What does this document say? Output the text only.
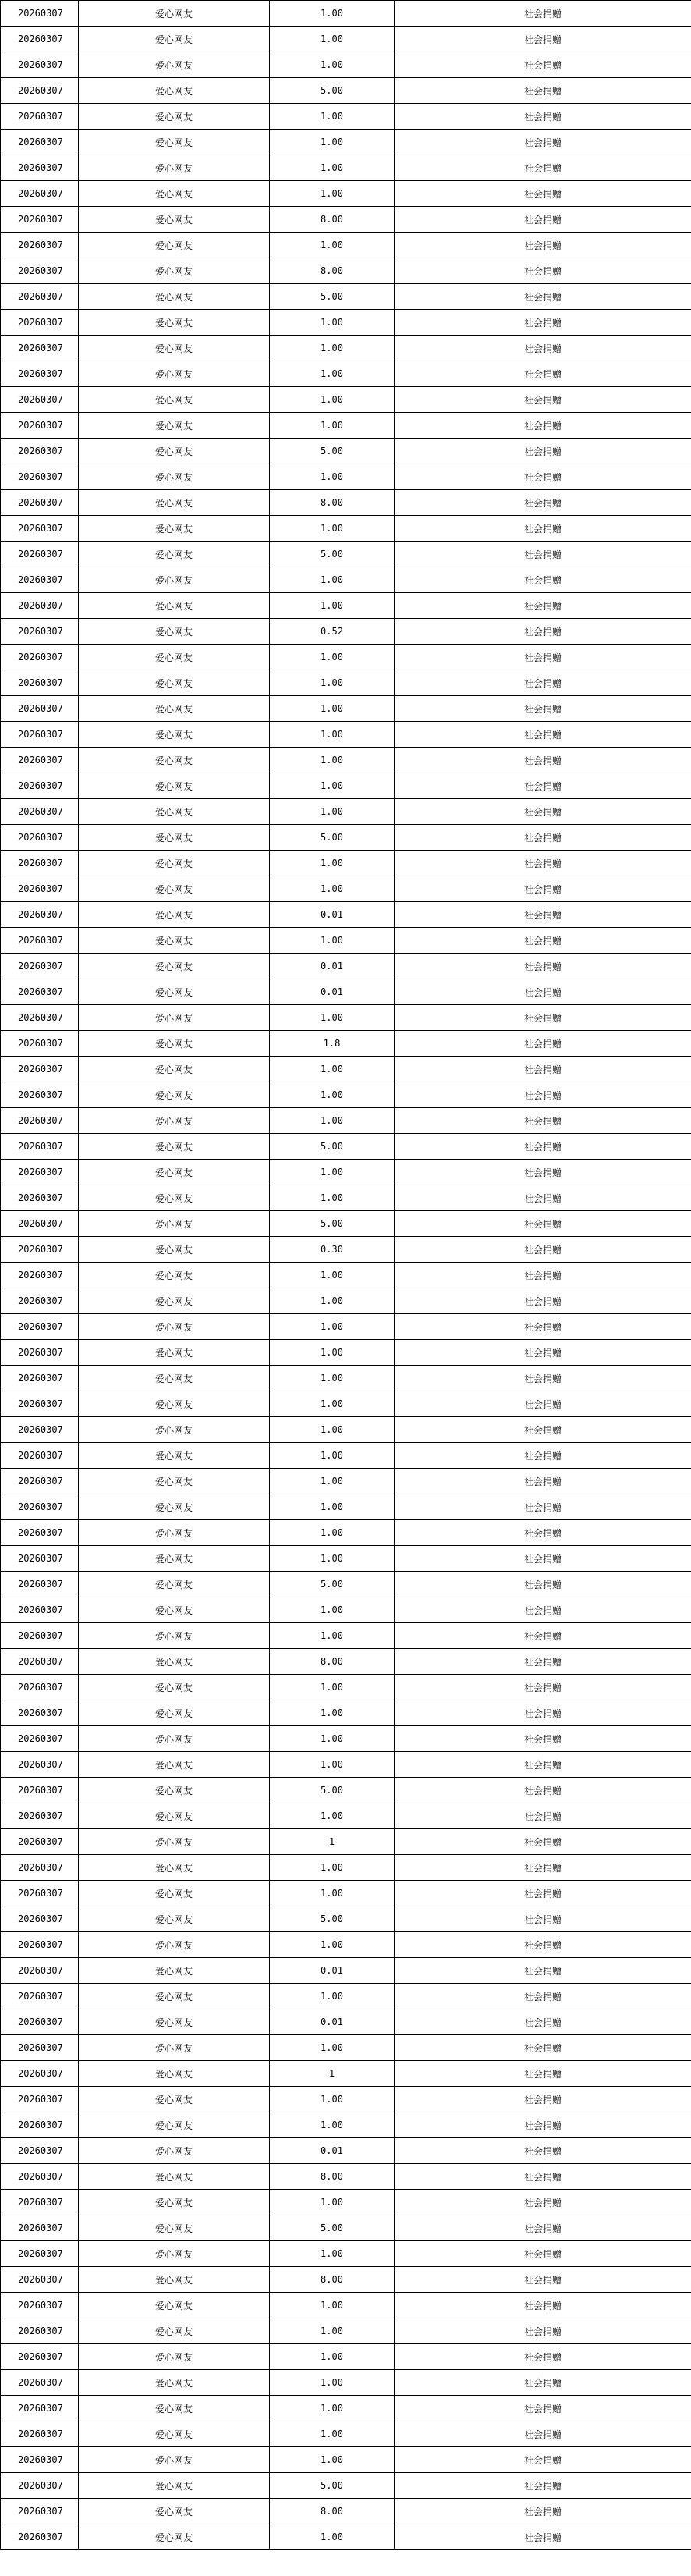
20260307	爱心网友	1.00	社会捐赠
20260307	爱心网友	1.00	社会捐赠
20260307	爱心网友	1.00	社会捐赠
20260307	爱心网友	5.00	社会捐赠
20260307	爱心网友	1.00	社会捐赠
20260307	爱心网友	1.00	社会捐赠
20260307	爱心网友	1.00	社会捐赠
20260307	爱心网友	1.00	社会捐赠
20260307	爱心网友	8.00	社会捐赠
20260307	爱心网友	1.00	社会捐赠
20260307	爱心网友	8.00	社会捐赠
20260307	爱心网友	5.00	社会捐赠
20260307	爱心网友	1.00	社会捐赠
20260307	爱心网友	1.00	社会捐赠
20260307	爱心网友	1.00	社会捐赠
20260307	爱心网友	1.00	社会捐赠
20260307	爱心网友	1.00	社会捐赠
20260307	爱心网友	5.00	社会捐赠
20260307	爱心网友	1.00	社会捐赠
20260307	爱心网友	8.00	社会捐赠
20260307	爱心网友	1.00	社会捐赠
20260307	爱心网友	5.00	社会捐赠
20260307	爱心网友	1.00	社会捐赠
20260307	爱心网友	1.00	社会捐赠
20260307	爱心网友	0.52	社会捐赠
20260307	爱心网友	1.00	社会捐赠
20260307	爱心网友	1.00	社会捐赠
20260307	爱心网友	1.00	社会捐赠
20260307	爱心网友	1.00	社会捐赠
20260307	爱心网友	1.00	社会捐赠
20260307	爱心网友	1.00	社会捐赠
20260307	爱心网友	1.00	社会捐赠
20260307	爱心网友	5.00	社会捐赠
20260307	爱心网友	1.00	社会捐赠
20260307	爱心网友	1.00	社会捐赠
20260307	爱心网友	0.01	社会捐赠
20260307	爱心网友	1.00	社会捐赠
20260307	爱心网友	0.01	社会捐赠
20260307	爱心网友	0.01	社会捐赠
20260307	爱心网友	1.00	社会捐赠
20260307	爱心网友	1.8	社会捐赠
20260307	爱心网友	1.00	社会捐赠
20260307	爱心网友	1.00	社会捐赠
20260307	爱心网友	1.00	社会捐赠
20260307	爱心网友	5.00	社会捐赠
20260307	爱心网友	1.00	社会捐赠
20260307	爱心网友	1.00	社会捐赠
20260307	爱心网友	5.00	社会捐赠
20260307	爱心网友	0.30	社会捐赠
20260307	爱心网友	1.00	社会捐赠
20260307	爱心网友	1.00	社会捐赠
20260307	爱心网友	1.00	社会捐赠
20260307	爱心网友	1.00	社会捐赠
20260307	爱心网友	1.00	社会捐赠
20260307	爱心网友	1.00	社会捐赠
20260307	爱心网友	1.00	社会捐赠
20260307	爱心网友	1.00	社会捐赠
20260307	爱心网友	1.00	社会捐赠
20260307	爱心网友	1.00	社会捐赠
20260307	爱心网友	1.00	社会捐赠
20260307	爱心网友	1.00	社会捐赠
20260307	爱心网友	5.00	社会捐赠
20260307	爱心网友	1.00	社会捐赠
20260307	爱心网友	1.00	社会捐赠
20260307	爱心网友	8.00	社会捐赠
20260307	爱心网友	1.00	社会捐赠
20260307	爱心网友	1.00	社会捐赠
20260307	爱心网友	1.00	社会捐赠
20260307	爱心网友	1.00	社会捐赠
20260307	爱心网友	5.00	社会捐赠
20260307	爱心网友	1.00	社会捐赠
20260307	爱心网友	1	社会捐赠
20260307	爱心网友	1.00	社会捐赠
20260307	爱心网友	1.00	社会捐赠
20260307	爱心网友	5.00	社会捐赠
20260307	爱心网友	1.00	社会捐赠
20260307	爱心网友	0.01	社会捐赠
20260307	爱心网友	1.00	社会捐赠
20260307	爱心网友	0.01	社会捐赠
20260307	爱心网友	1.00	社会捐赠
20260307	爱心网友	1	社会捐赠
20260307	爱心网友	1.00	社会捐赠
20260307	爱心网友	1.00	社会捐赠
20260307	爱心网友	0.01	社会捐赠
20260307	爱心网友	8.00	社会捐赠
20260307	爱心网友	1.00	社会捐赠
20260307	爱心网友	5.00	社会捐赠
20260307	爱心网友	1.00	社会捐赠
20260307	爱心网友	8.00	社会捐赠
20260307	爱心网友	1.00	社会捐赠
20260307	爱心网友	1.00	社会捐赠
20260307	爱心网友	1.00	社会捐赠
20260307	爱心网友	1.00	社会捐赠
20260307	爱心网友	1.00	社会捐赠
20260307	爱心网友	1.00	社会捐赠
20260307	爱心网友	1.00	社会捐赠
20260307	爱心网友	5.00	社会捐赠
20260307	爱心网友	8.00	社会捐赠
20260307	爱心网友	1.00	社会捐赠
